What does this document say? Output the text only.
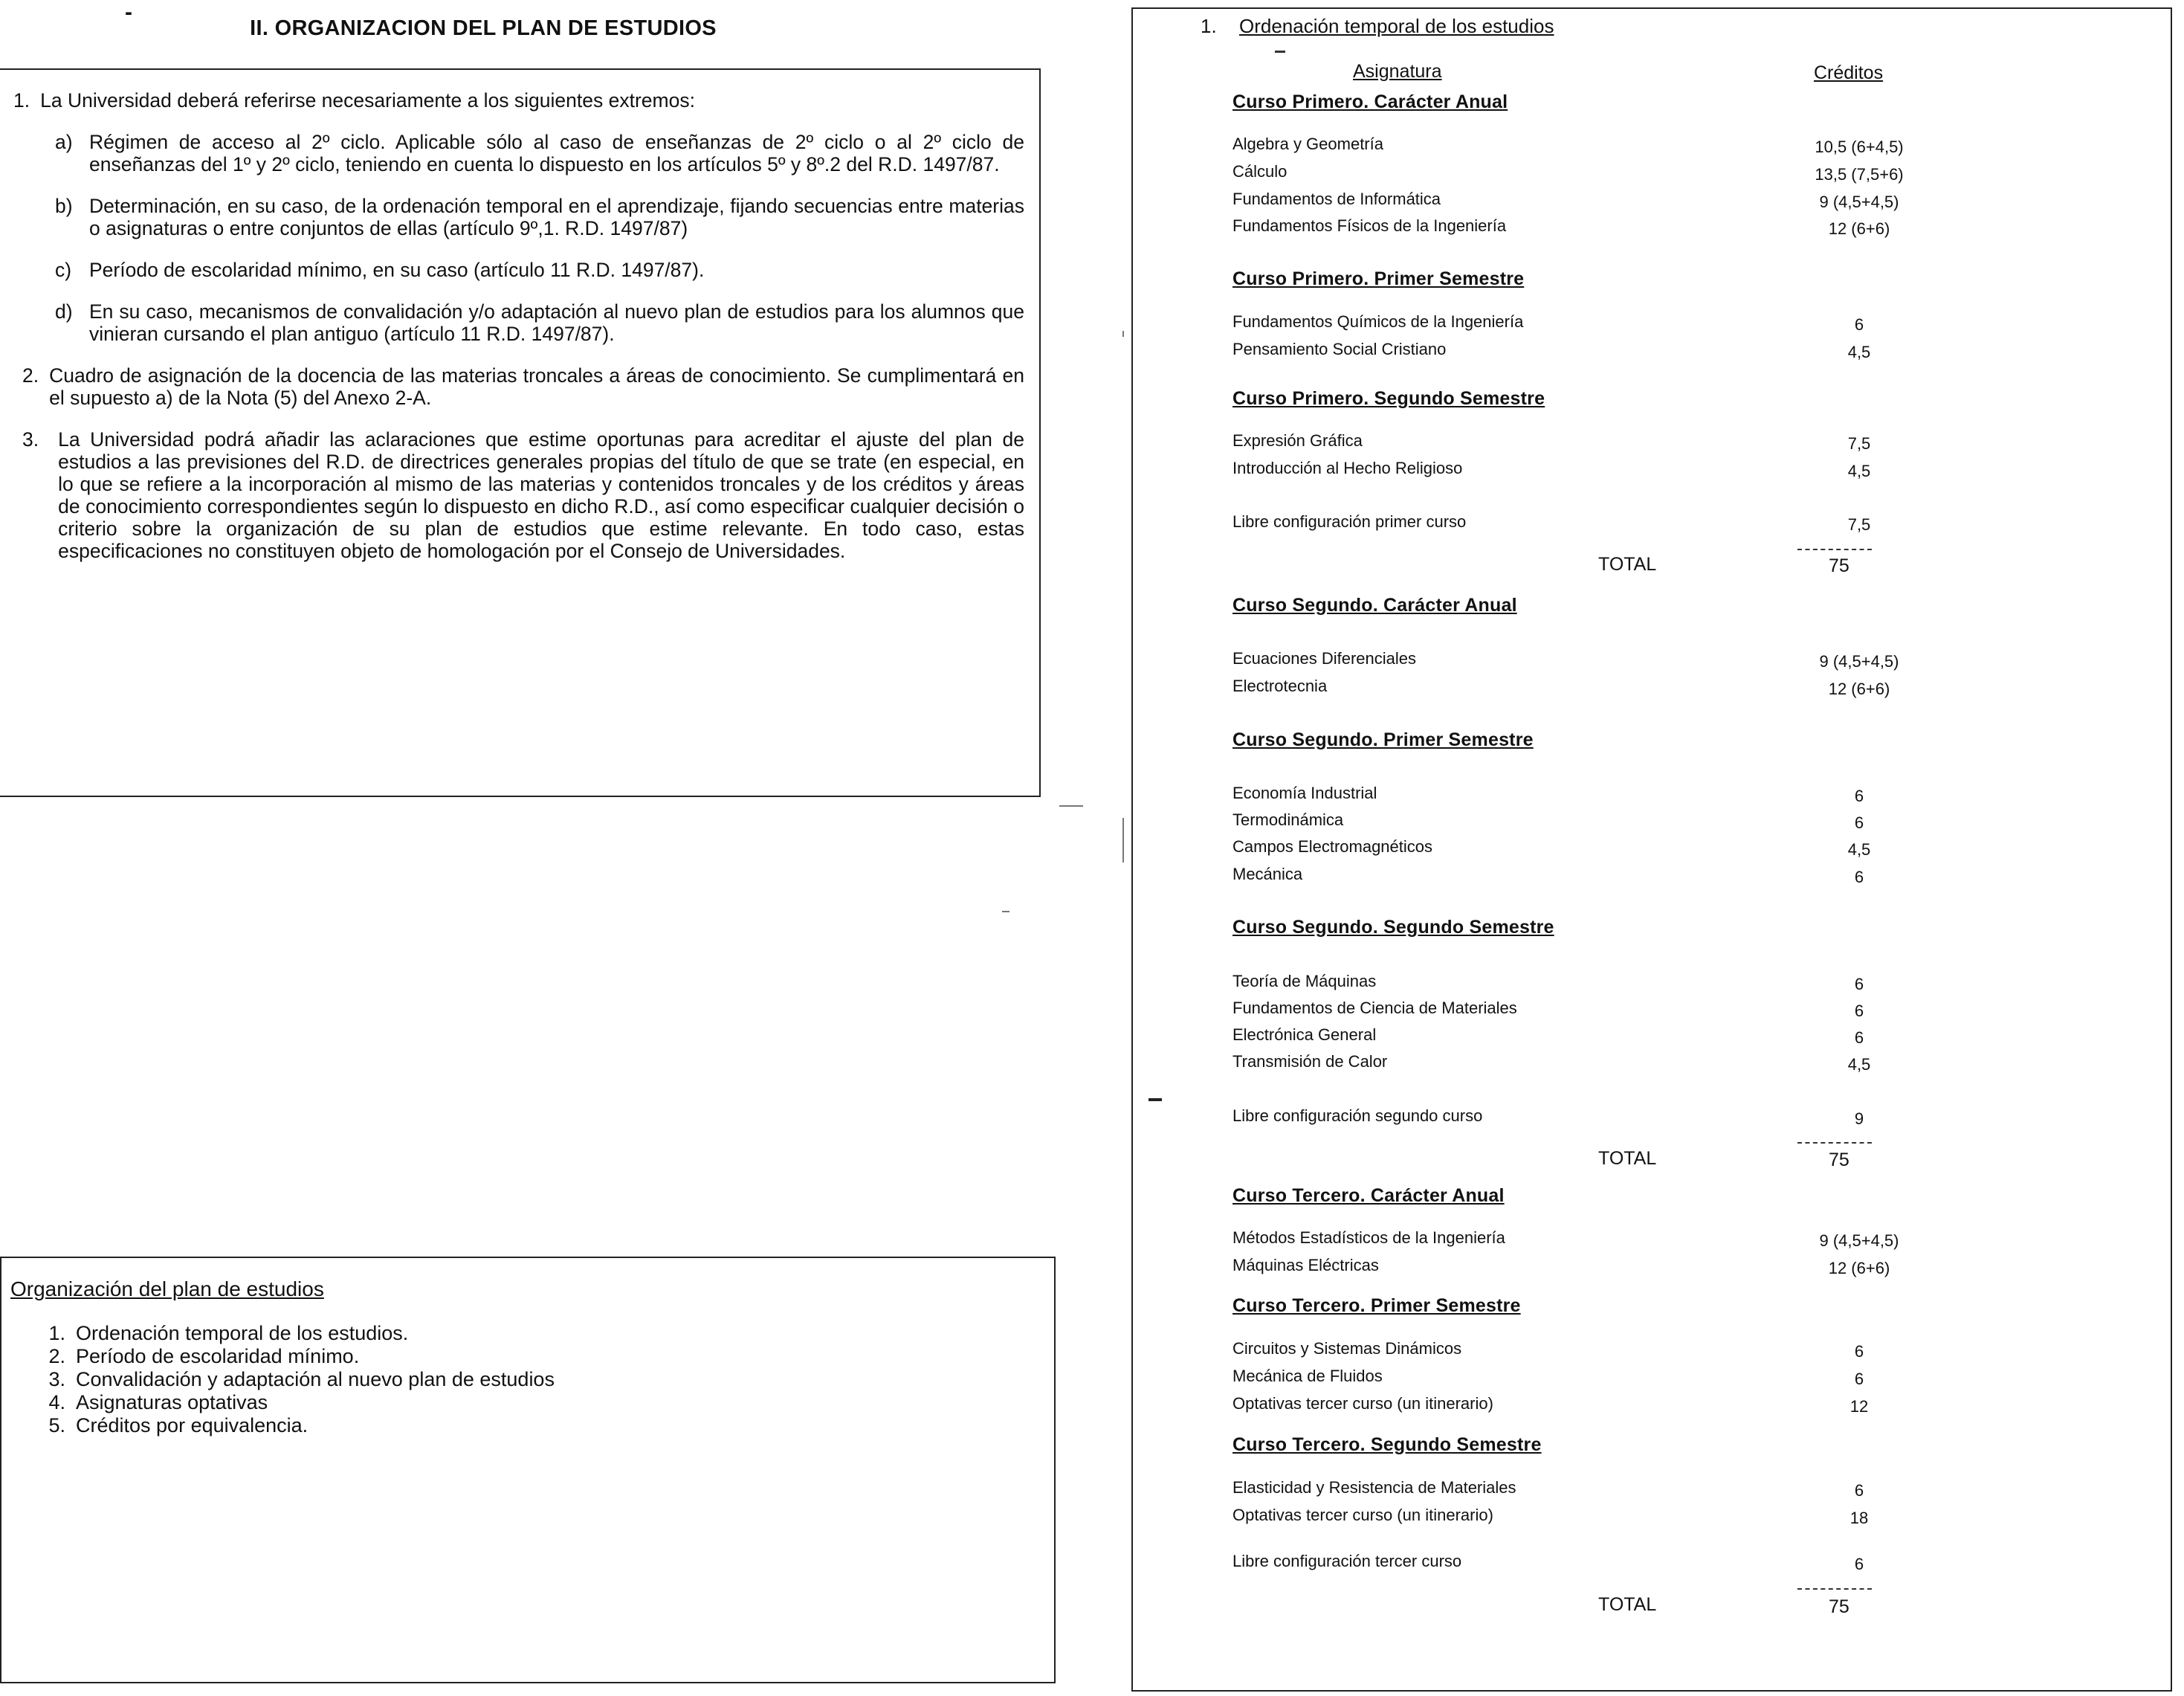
-
II. ORGANIZACION DEL PLAN DE ESTUDIOS
1. La Universidad deberá referirse necesariamente a los siguientes extremos:
a) Régimen de acceso al 2º ciclo. Aplicable sólo al caso de enseñanzas de 2º ciclo o al 2º ciclo de enseñanzas del 1º y 2º ciclo, teniendo en cuenta lo dispuesto en los artículos 5º y 8º.2 del R.D. 1497/87.
b) Determinación, en su caso, de la ordenación temporal en el aprendizaje, fijando secuencias entre materias o asignaturas o entre conjuntos de ellas (artículo 9º,1. R.D. 1497/87)
c) Período de escolaridad mínimo, en su caso (artículo 11 R.D. 1497/87).
d) En su caso, mecanismos de convalidación y/o adaptación al nuevo plan de estudios para los alumnos que vinieran cursando el plan antiguo (artículo 11 R.D. 1497/87).
2. Cuadro de asignación de la docencia de las materias troncales a áreas de conocimiento. Se cumplimentará en el supuesto a) de la Nota (5) del Anexo 2-A.
3. La Universidad podrá añadir las aclaraciones que estime oportunas para acreditar el ajuste del plan de estudios a las previsiones del R.D. de directrices generales propias del título de que se trate (en especial, en lo que se refiere a la incorporación al mismo de las materias y contenidos troncales y de los créditos y áreas de conocimiento correspondientes según lo dispuesto en dicho R.D., así como especificar cualquier decisión o criterio sobre la organización de su plan de estudios que estime relevante. En todo caso, estas especificaciones no constituyen objeto de homologación por el Consejo de Universidades.
Organización del plan de estudios
1. Ordenación temporal de los estudios.
2. Período de escolaridad mínimo.
3. Convalidación y adaptación al nuevo plan de estudios
4. Asignaturas optativas
5. Créditos por equivalencia.
1. Ordenación temporal de los estudios
Asignatura	Créditos
Curso Primero. Carácter Anual
Algebra y Geometría	10,5 (6+4,5)
Cálculo	13,5 (7,5+6)
Fundamentos de Informática	9 (4,5+4,5)
Fundamentos Físicos de la Ingeniería	12 (6+6)
Curso Primero. Primer Semestre
Fundamentos Químicos de la Ingeniería	6
Pensamiento Social Cristiano	4,5
Curso Primero. Segundo Semestre
Expresión Gráfica	7,5
Introducción al Hecho Religioso	4,5
Libre configuración primer curso	7,5
TOTAL	75
Curso Segundo. Carácter Anual
Ecuaciones Diferenciales	9 (4,5+4,5)
Electrotecnia	12 (6+6)
Curso Segundo. Primer Semestre
Economía Industrial	6
Termodinámica	6
Campos Electromagnéticos	4,5
Mecánica	6
Curso Segundo. Segundo Semestre
Teoría de Máquinas	6
Fundamentos de Ciencia de Materiales	6
Electrónica General	6
Transmisión de Calor	4,5
Libre configuración segundo curso	9
TOTAL	75
Curso Tercero. Carácter Anual
Métodos Estadísticos de la Ingeniería	9 (4,5+4,5)
Máquinas Eléctricas	12 (6+6)
Curso Tercero. Primer Semestre
Circuitos y Sistemas Dinámicos	6
Mecánica de Fluidos	6
Optativas tercer curso (un itinerario)	12
Curso Tercero. Segundo Semestre
Elasticidad y Resistencia de Materiales	6
Optativas tercer curso (un itinerario)	18
Libre configuración tercer curso	6
TOTAL	75
